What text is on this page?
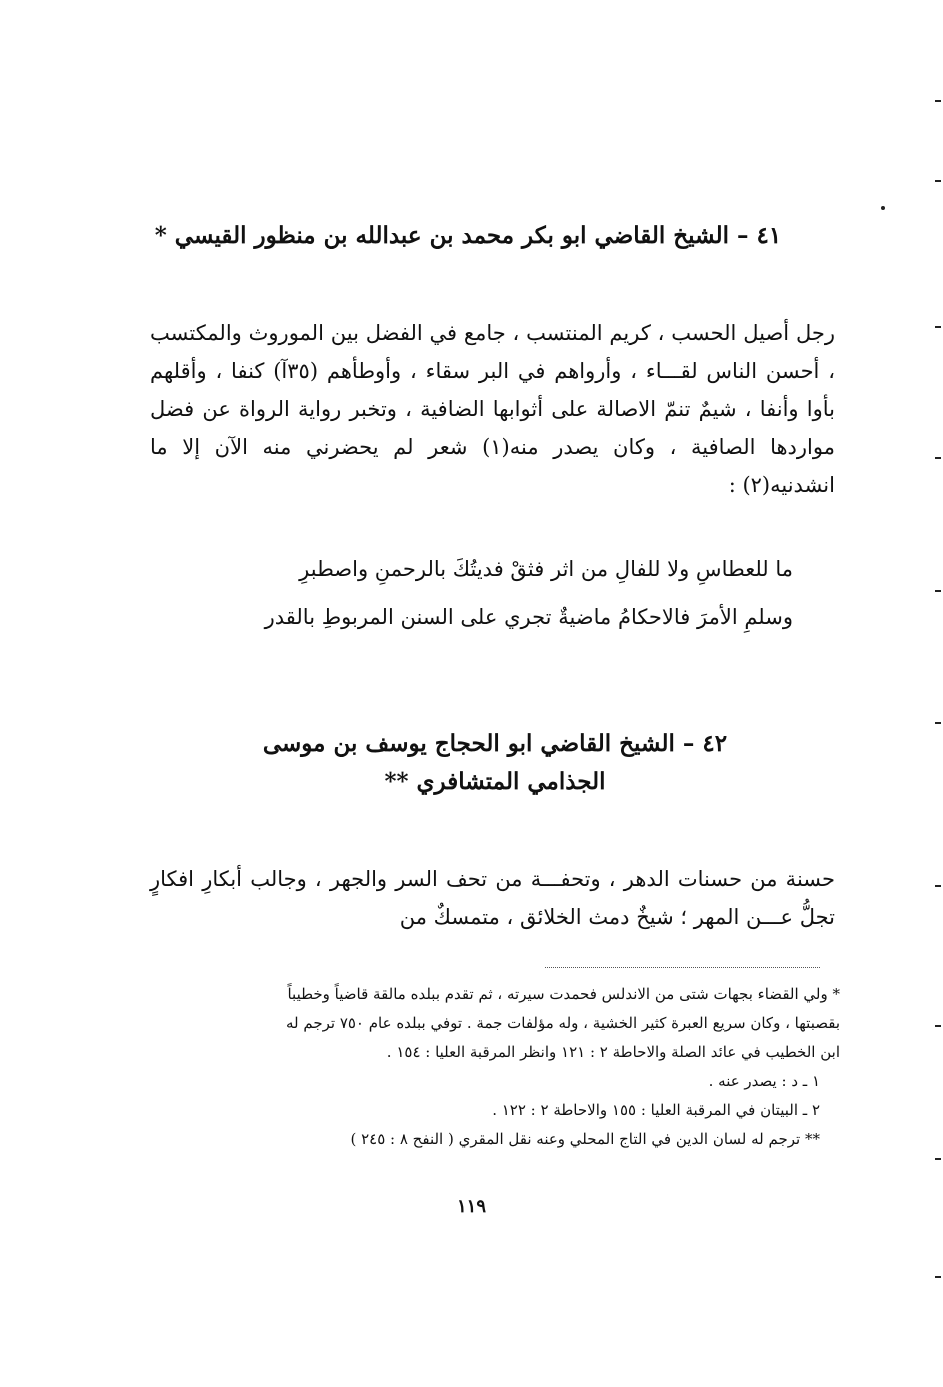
٤١ – الشيخ القاضي ابو بكر محمد بن عبدالله بن منظور القيسي *

رجل أصيل الحسب ، كريم المنتسب ، جامع في الفضل بين الموروث والمكتسب ، أحسن الناس لقـــاء ، وأرواهم في البر سقاء ، وأوطأهم (٣٥آ) كنفا ، وأقلهم بأوا وأنفا ، شيمٌ تنمّ الاصالة على أثوابها الضافية ، وتخبر رواية الرواة عن فضل مواردها الصافية ، وكان يصدر منه(١) شعر لم يحضرني منه الآن إلا ما انشدنيه(٢) :

ما للعطاسِ ولا للفالِ من اثر فثقْ فديتُكَ بالرحمنِ واصطبرِ
وسلمِ الأمرَ فالاحكامُ ماضيةٌ تجري على السنن المربوطِ بالقدر
٤٢ – الشيخ القاضي ابو الحجاج يوسف بن موسى
الجذامي المتشافري **

حسنة من حسنات الدهر ، وتحفـــة من تحف السر والجهر ، وجالب أبكارِ افكارٍ تجلُّ عـــن المهر ؛ شيخٌ دمث الخلائق ، متمسكٌ من

* ولي القضاء بجهات شتى من الاندلس فحمدت سيرته ، ثم تقدم ببلده مالقة قاضياً وخطيباً
بقصبتها ، وكان سريع العبرة كثير الخشية ، وله مؤلفات جمة . توفي ببلده عام ٧٥٠ ترجم له
ابن الخطيب في عائد الصلة والاحاطة ٢ : ١٢١ وانظر المرقبة العليا : ١٥٤ .
١ ـ د : يصدر عنه .
٢ ـ البيتان في المرقبة العليا : ١٥٥ والاحاطة ٢ : ١٢٢ .
** ترجم له لسان الدين في التاج المحلي وعنه نقل المقري ( النفح ٨ : ٢٤٥ )
١١٩
